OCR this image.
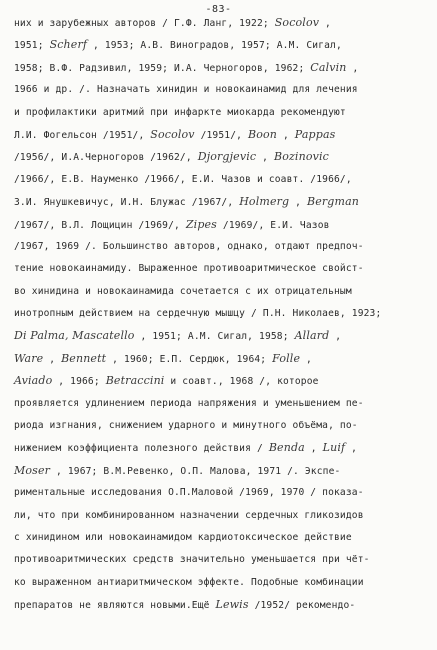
-83-
них и зарубежных авторов / Г.Ф. Ланг, 1922; Socolov ,
1951; Scherf , 1953; А.В. Виноградов, 1957; А.М. Сигал,
1958; В.Ф. Радзивил, 1959; И.А. Черногоров, 1962; Calvin ,
1966 и др. /. Назначать хинидин и новокаинамид для лечения
и профилактики аритмий при инфаркте миокарда рекомендуют
Л.И. Фогельсон /1951/, Socolov /1951/, Boon , Pappas
/1956/, И.А.Черногоров /1962/, Djorgjevic , Bozinovic
/1966/, Е.В. Науменко /1966/, Е.И. Чазов и соавт. /1966/,
З.И. Янушкевичус, И.Н. Блужас /1967/, Holmerg , Bergman
/1967/, В.Л. Лощицин /1969/, Zipes /1969/, Е.И. Чазов
/1967, 1969 /. Большинство авторов, однако, отдают предпоч-
тение новокаинамиду. Выраженное противоаритмическое свойст-
во хинидина и новокаинамида сочетается с их отрицательным
инотропным действием на сердечную мышцу / П.Н. Николаев, 1923;
Di Palma, Mascatello , 1951; А.М. Сигал, 1958; Allard ,
Ware , Bennett , 1960; Е.П. Сердюк, 1964; Folle ,
Aviado , 1966; Betraccini и соавт., 1968 /, которое
проявляется удлинением периода напряжения и уменьшением пе-
риода изгнания, снижением ударного и минутного объёма, по-
нижением коэффициента полезного действия / Benda , Luif ,
Moser , 1967; В.М.Ревенко, О.П. Малова, 1971 /. Экспе-
риментальные исследования О.П.Маловой /1969, 1970 / показа-
ли, что при комбинированном назначении сердечных гликозидов
с хинидином или новокаинамидом кардиотоксическое действие
противоаритмических средств значительно уменьшается при чёт-
ко выраженном антиаритмическом эффекте. Подобные комбинации
препаратов не являются новыми.Ещё Lewis /1952/ рекомендо-
